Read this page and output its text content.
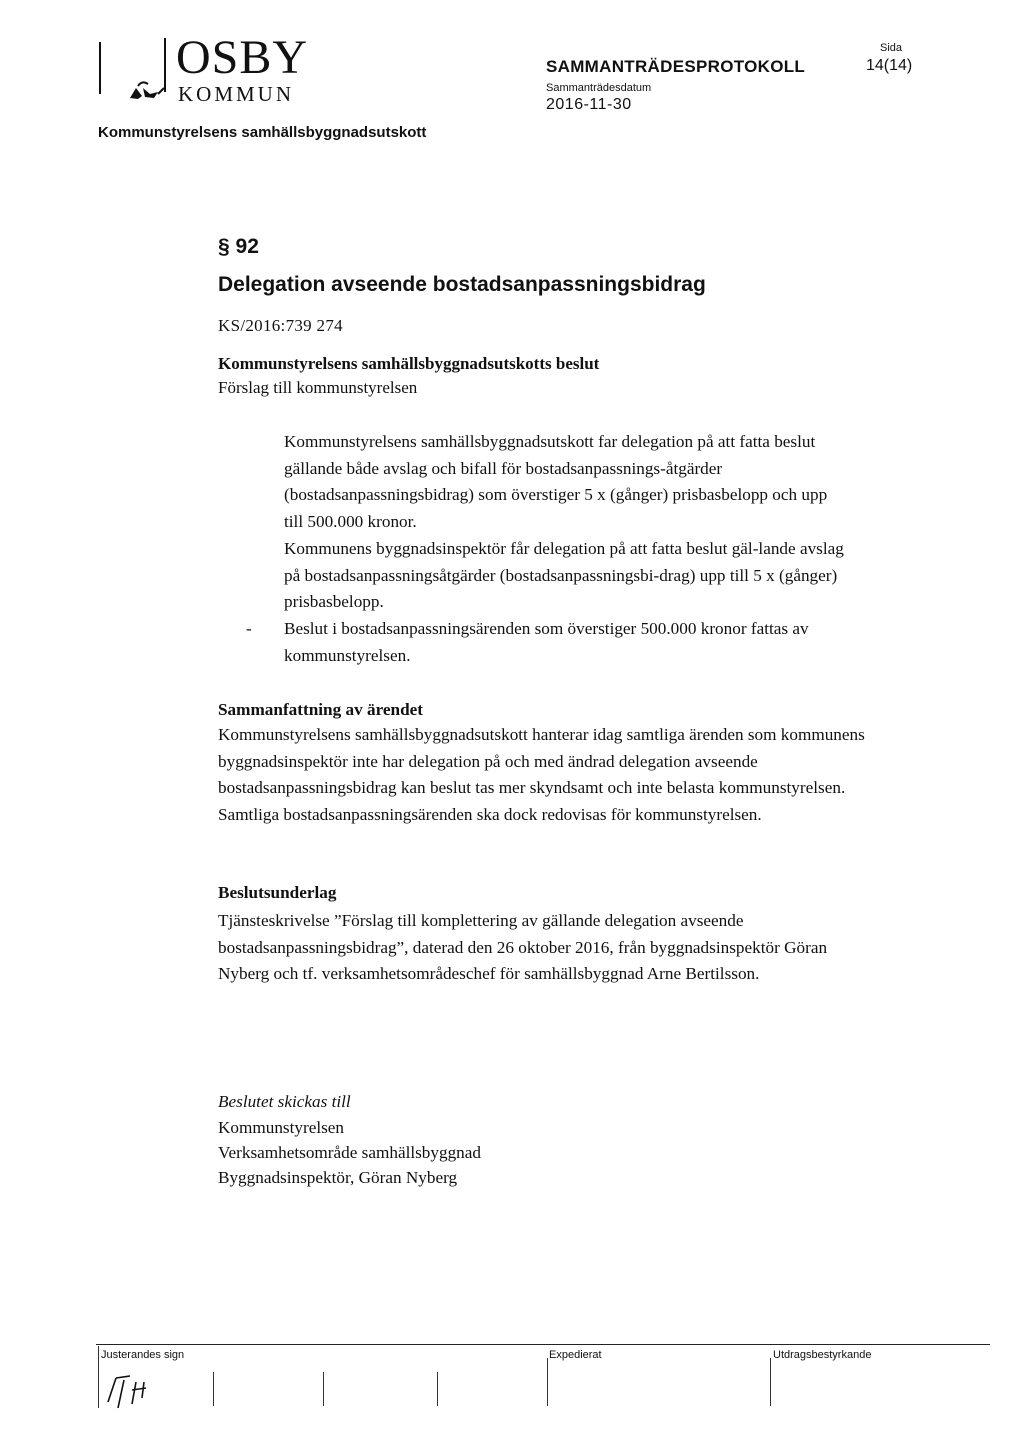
OSBY
KOMMUN
SAMMANTRÄDESPROTOKOLL
Sammanträdesdatum
2016-11-30
Sida
14(14)
Kommunstyrelsens samhällsbyggnadsutskott
§ 92
Delegation avseende bostadsanpassningsbidrag
KS/2016:739 274
Kommunstyrelsens samhällsbyggnadsutskotts beslut
Förslag till kommunstyrelsen
Kommunstyrelsens samhällsbyggnadsutskott far delegation på att fatta beslut gällande både avslag och bifall för bostadsanpassnings-åtgärder (bostadsanpassningsbidrag) som överstiger 5 x (gånger) prisbasbelopp och upp till 500.000 kronor.
Kommunens byggnadsinspektör får delegation på att fatta beslut gäl-lande avslag på bostadsanpassningsåtgärder (bostadsanpassningsbi-drag) upp till 5 x (gånger) prisbasbelopp.
- Beslut i bostadsanpassningsärenden som överstiger 500.000 kronor fattas av kommunstyrelsen.
Sammanfattning av ärendet
Kommunstyrelsens samhällsbyggnadsutskott hanterar idag samtliga ärenden som kommunens byggnadsinspektör inte har delegation på och med ändrad delegation avseende bostadsanpassningsbidrag kan beslut tas mer skyndsamt och inte belasta kommunstyrelsen. Samtliga bostadsanpassningsärenden ska dock redovisas för kommunstyrelsen.
Beslutsunderlag
Tjänsteskrivelse ”Förslag till komplettering av gällande delegation avseende bostadsanpassningsbidrag”, daterad den 26 oktober 2016, från byggnadsinspektör Göran Nyberg och tf. verksamhetsområdeschef för samhällsbyggnad Arne Bertilsson.
Beslutet skickas till
Kommunstyrelsen
Verksamhetsområde samhällsbyggnad
Byggnadsinspektör, Göran Nyberg
Justerandes sign	Expedierat	Utdragsbestyrkande
